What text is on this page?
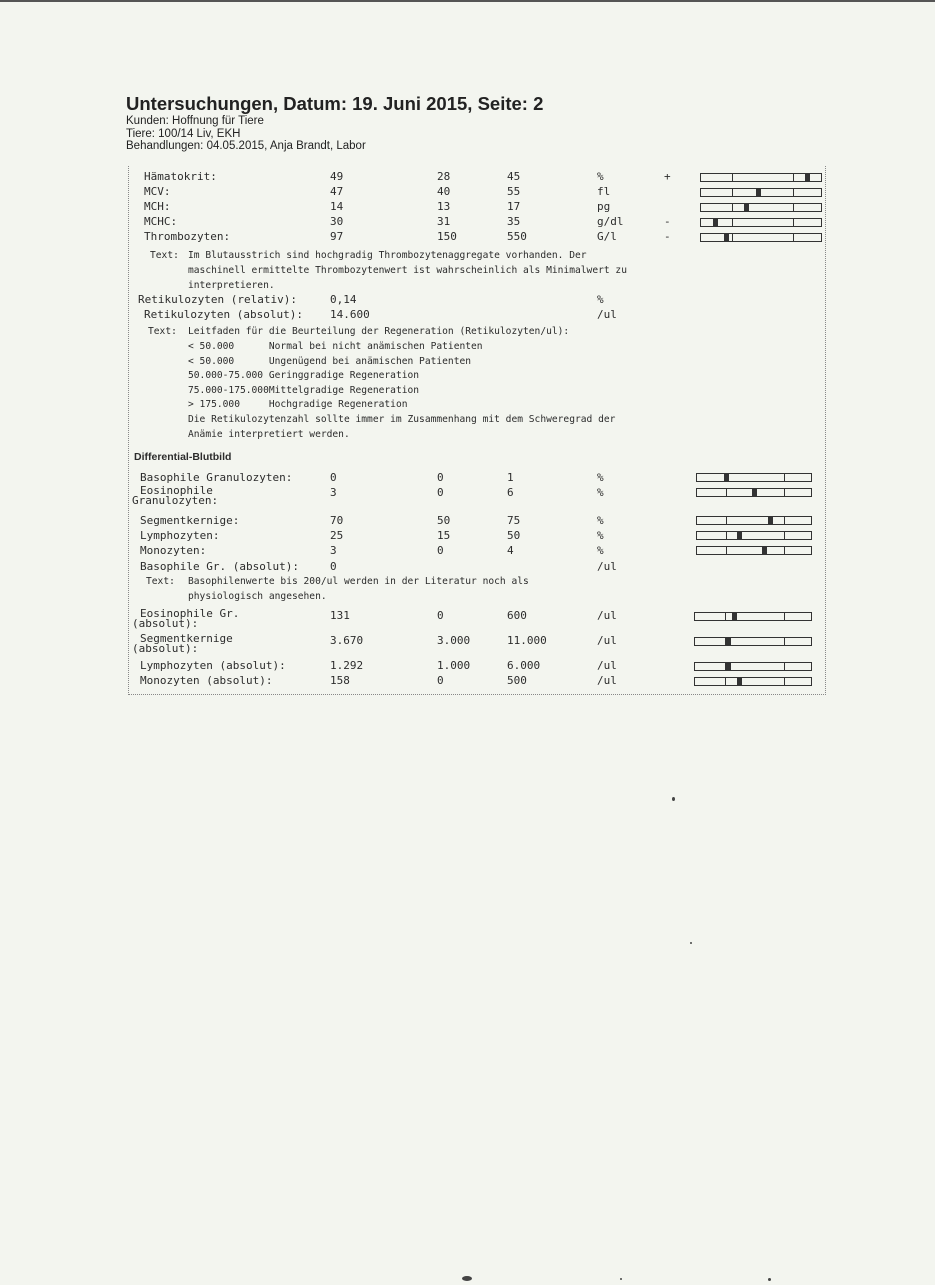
Untersuchungen, Datum: 19. Juni 2015, Seite: 2
Kunden: Hoffnung für Tiere
Tiere: 100/14 Liv, EKH
Behandlungen: 04.05.2015, Anja Brandt, Labor
Hämatokrit:	49	28	45	%	+
MCV:	47	40	55	fl
MCH:	14	13	17	pg
MCHC:	30	31	35	g/dl	-
Thrombozyten:	97	150	550	G/l	-
Text: Im Blutausstrich sind hochgradig Thrombozytenaggregate vorhanden. Der
maschinell ermittelte Thrombozytenwert ist wahrscheinlich als Minimalwert zu
interpretieren.
Retikulozyten (relativ):	0,14	%
Retikulozyten (absolut): 14.600	/ul
Text: Leitfaden für die Beurteilung der Regeneration (Retikulozyten/ul):
< 50.000	Normal bei nicht anämischen Patienten
< 50.000	Ungenügend bei anämischen Patienten
50.000-75.000	Geringgradige Regeneration
75.000-175.000	Mittelgradige Regeneration
> 175.000	Hochgradige Regeneration
Die Retikulozytenzahl sollte immer im Zusammenhang mit dem Schweregrad der
Anämie interpretiert werden.
Differential-Blutbild
Basophile Granulozyten:	0	0	1	%
Eosinophile
Granulozyten:
3	0	6	%
Segmentkernige:	70	50	75	%
Lymphozyten:	25	15	50	%
Monozyten:	3	0	4	%
Basophile Gr. (absolut):	0	/ul
Text: Basophilenwerte bis 200/ul werden in der Literatur noch als
physiologisch angesehen.
Eosinophile Gr.
(absolut):
131	0	600	/ul
Segmentkernige
(absolut):
3.670	3.000	11.000	/ul
Lymphozyten (absolut):	1.292	1.000	6.000	/ul
Monozyten (absolut):	158	0	500	/ul
